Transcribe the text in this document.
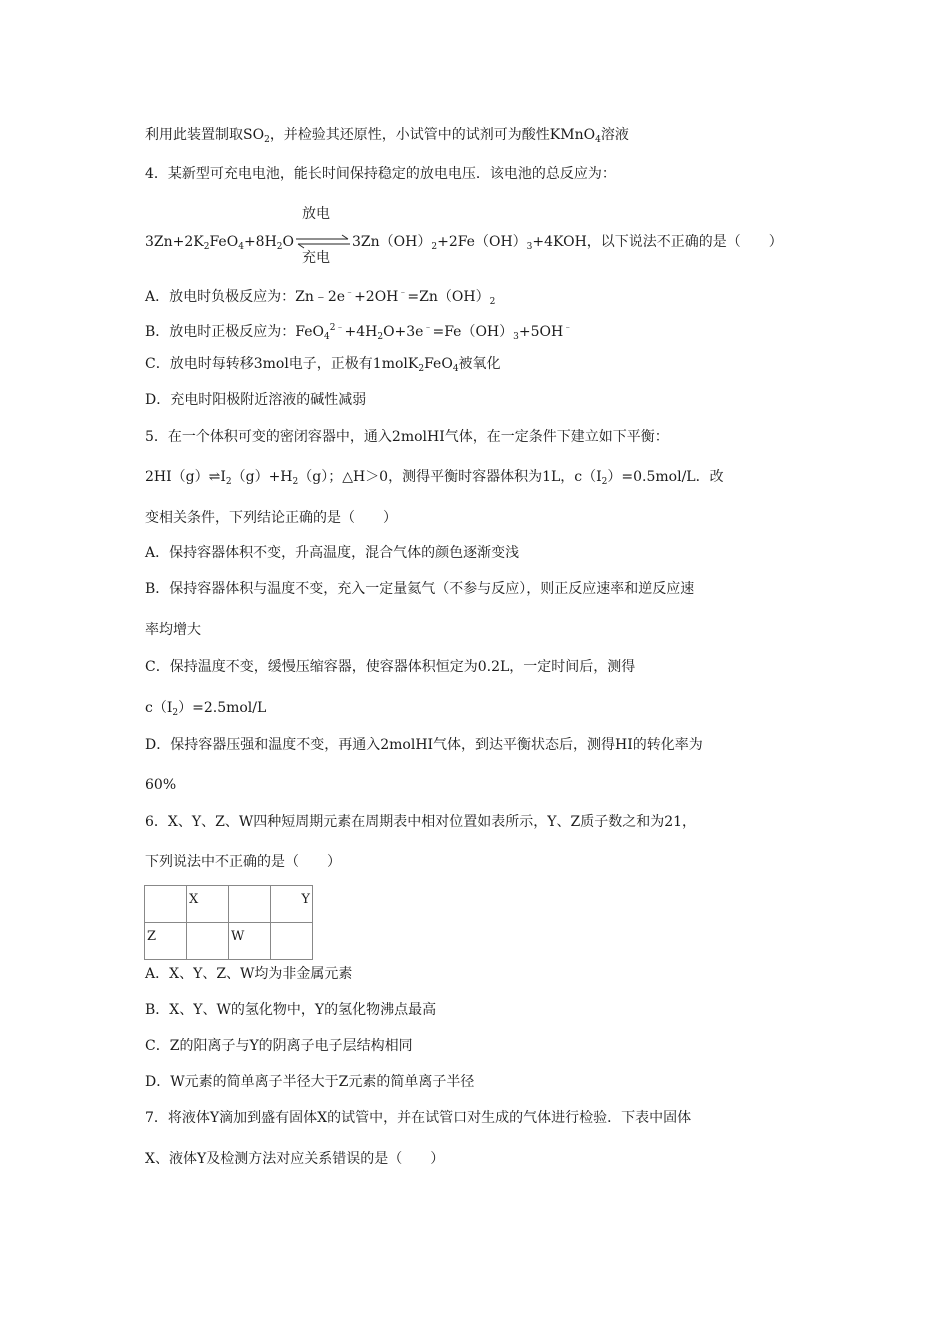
利用此装置制取$SO_2$，并检验其还原性，小试管中的试剂可为酸性KMnO$_4$溶液
4．某新型可充电电池，能长时间保持稳定的放电电压．该电池的总反应为：
$3Zn+2K_2FeO_4+8H_2O$
放电
充电
$3Zn(OH)_2+2Fe(OH)_3+4KOH$，以下说法不正确的是（　　）
A．放电时负极反应为：$Zn﹣2e^﹣+2OH^﹣=Zn(OH)_2$
B．放电时正极反应为：$FeO_4^{2﹣}+4H_2O+3e^﹣=Fe(OH)_3+5OH^﹣$
C．放电时每转移3mol电子，正极有1molK$_2$FeO$_4$被氧化
D．充电时阳极附近溶液的碱性减弱
5．在一个体积可变的密闭容器中，通入2molHI气体，在一定条件下建立如下平衡：
$2HI(g)\rightleftharpoons I_2(g)+H_2(g)$；△H＞0，测得平衡时容器体积为1L，$c(I_2)=0.5mol/L$．改
变相关条件，下列结论正确的是（　　）
A．保持容器体积不变，升高温度，混合气体的颜色逐渐变浅
B．保持容器体积与温度不变，充入一定量氦气（不参与反应），则正反应速率和逆反应速
率均增大
C．保持温度不变，缓慢压缩容器，使容器体积恒定为0.2L，一定时间后，测得
$c(I_2)=2.5mol/L$
D．保持容器压强和温度不变，再通入2molHI气体，到达平衡状态后，测得HI的转化率为
60%
6．X、Y、Z、W四种短周期元素在周期表中相对位置如表所示，Y、Z质子数之和为21，
下列说法中不正确的是（　　）

	X		Y

Z		W	

A．X、Y、Z、W均为非金属元素
B．X、Y、W的氢化物中，Y的氢化物沸点最高
C．Z的阳离子与Y的阴离子电子层结构相同
D．W元素的简单离子半径大于Z元素的简单离子半径
7．将液体Y滴加到盛有固体X的试管中，并在试管口对生成的气体进行检验．下表中固体
X、液体Y及检测方法对应关系错误的是（　　）
